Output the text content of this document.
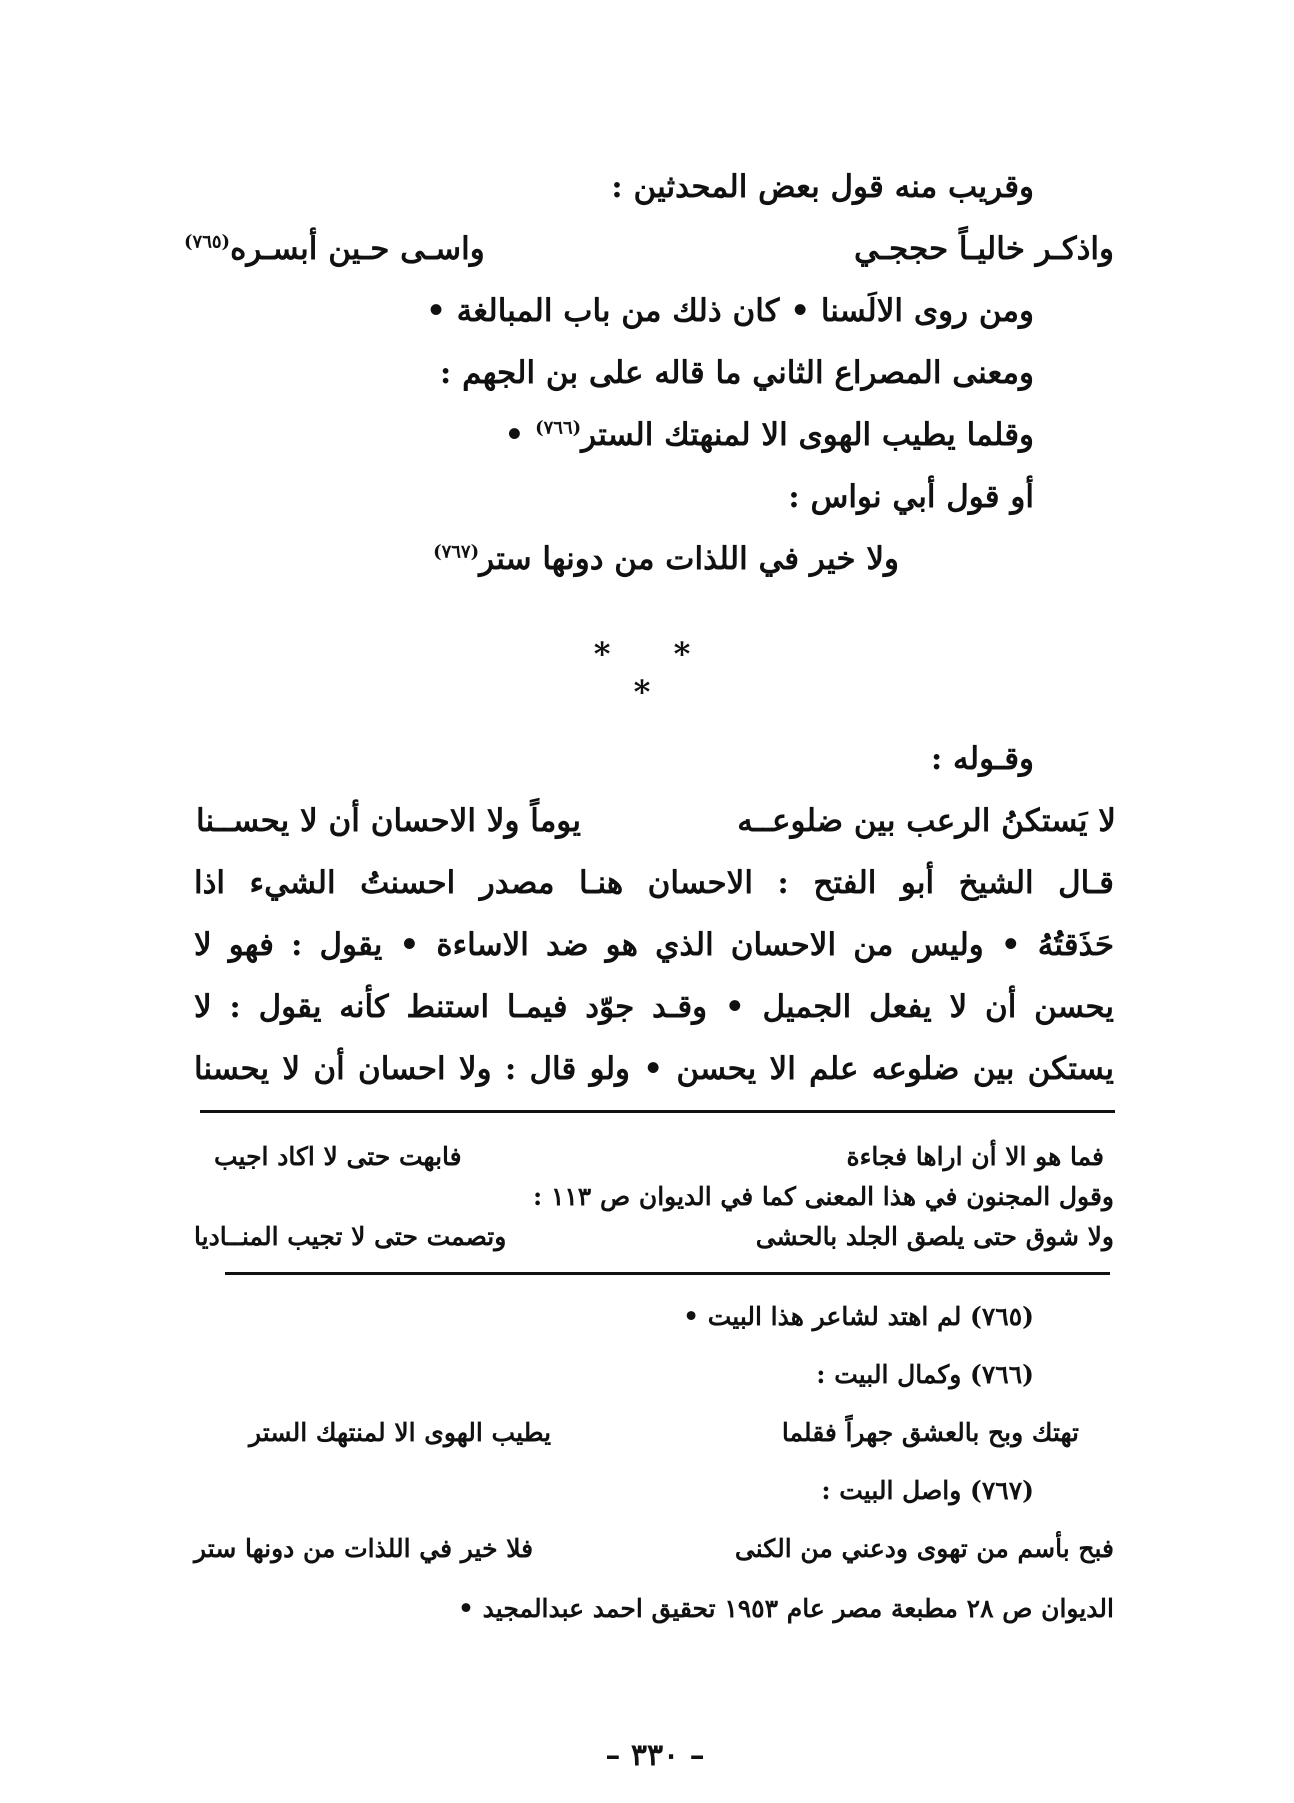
وقريب منه قول بعض المحدثين :
واذكـر خاليـاً حججـي
واسـى حـين أبسـره$^{(٧٦٥)}$
ومن روى الالَسنا • كان ذلك من باب المبالغة •
ومعنى المصراع الثاني ما قاله على بن الجهم :
وقلما يطيب الهوى الا لمنهتك الستر$^{(٧٦٦)}$ •
أو قول أبي نواس :
ولا خير في اللذات من دونها ستر$^{(٧٦٧)}$
* * *
وقـوله :
لا يَستكنُ الرعب بين ضلوعــه
يوماً ولا الاحسان أن لا يحســنا
قـال الشيخ أبو الفتح : الاحسان هنـا مصدر احسنتُ الشيء اذا
حَذَقتُهُ • وليس من الاحسان الذي هو ضد الاساءة • يقول : فهو لا
يحسن أن لا يفعل الجميل • وقـد جوّد فيمـا استنط كأنه يقول : لا
يستكن بين ضلوعه علم الا يحسن • ولو قال : ولا احسان أن لا يحسنا
فما هو الا أن اراها فجاءة
فابهت حتى لا اكاد اجيب
وقول المجنون في هذا المعنى كما في الديوان ص ١١٣ :
ولا شوق حتى يلصق الجلد بالحشى
وتصمت حتى لا تجيب المنــاديا
(٧٦٥) لم اهتد لشاعر هذا البيت •
(٧٦٦) وكمال البيت :
تهتك وبح بالعشق جهراً فقلما
يطيب الهوى الا لمنتهك الستر
(٧٦٧) واصل البيت :
فبح بأسم من تهوى ودعني من الكنى
فلا خير في اللذات من دونها ستر
الديوان ص ٢٨ مطبعة مصر عام ١٩٥٣ تحقيق احمد عبدالمجيد •
– ٣٣٠ –
